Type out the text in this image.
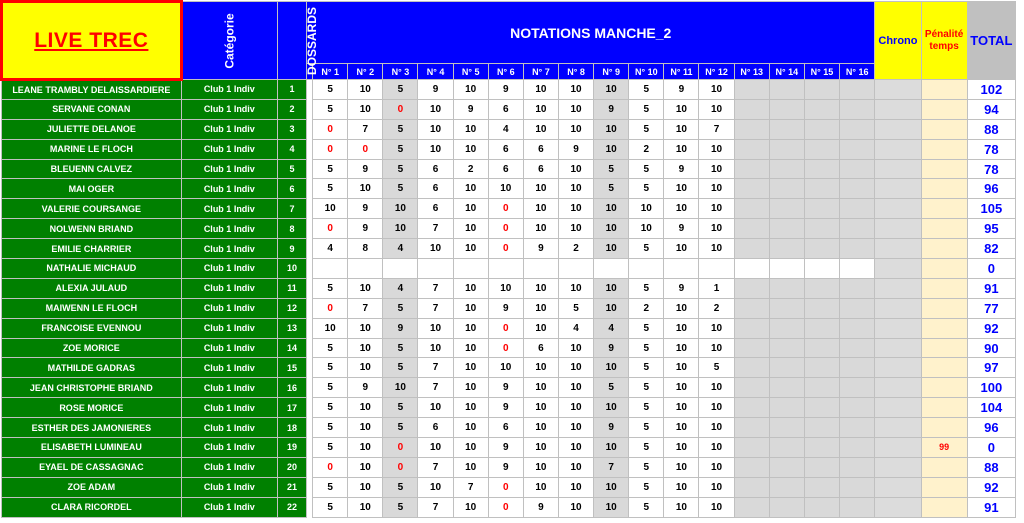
LIVE TREC	Catégorie	DOSSARDS	NOTATIONS MANCHE_2																	Chrono	Pénalité temps	TOTAL
				N° 1	N° 2	N° 3	N° 4	N° 5	N° 6	N° 7	N° 8	N° 9	N° 10	N° 11	N° 12	N° 13	N° 14	N° 15	N° 16			
LEANE TRAMBLY DELAISSARDIERE	Club 1 Indiv	1		5	10	5	9	10	9	10	10	10	5	9	10							102
SERVANE CONAN	Club 1 Indiv	2		5	10	0	10	9	6	10	10	9	5	10	10							94
JULIETTE DELANOE	Club 1 Indiv	3		0	7	5	10	10	4	10	10	10	5	10	7							88
MARINE LE FLOCH	Club 1 Indiv	4		0	0	5	10	10	6	6	9	10	2	10	10							78
BLEUENN CALVEZ	Club 1 Indiv	5		5	9	5	6	2	6	6	10	5	5	9	10							78
MAI OGER	Club 1 Indiv	6		5	10	5	6	10	10	10	10	5	5	10	10							96
VALERIE COURSANGE	Club 1 Indiv	7		10	9	10	6	10	0	10	10	10	10	10	10							105
NOLWENN BRIAND	Club 1 Indiv	8		0	9	10	7	10	0	10	10	10	10	9	10							95
EMILIE CHARRIER	Club 1 Indiv	9		4	8	4	10	10	0	9	2	10	5	10	10							82
NATHALIE MICHAUD	Club 1 Indiv	10																				0
ALEXIA JULAUD	Club 1 Indiv	11		5	10	4	7	10	10	10	10	10	5	9	1							91
MAIWENN LE FLOCH	Club 1 Indiv	12		0	7	5	7	10	9	10	5	10	2	10	2							77
FRANCOISE EVENNOU	Club 1 Indiv	13		10	10	9	10	10	0	10	4	4	5	10	10							92
ZOE MORICE	Club 1 Indiv	14		5	10	5	10	10	0	6	10	9	5	10	10							90
MATHILDE GADRAS	Club 1 Indiv	15		5	10	5	7	10	10	10	10	10	5	10	5							97
JEAN CHRISTOPHE BRIAND	Club 1 Indiv	16		5	9	10	7	10	9	10	10	5	5	10	10							100
ROSE MORICE	Club 1 Indiv	17		5	10	5	10	10	9	10	10	10	5	10	10							104
ESTHER DES JAMONIERES	Club 1 Indiv	18		5	10	5	6	10	6	10	10	9	5	10	10							96
ELISABETH LUMINEAU	Club 1 Indiv	19		5	10	0	10	10	9	10	10	10	5	10	10						99	0
EYAEL DE CASSAGNAC	Club 1 Indiv	20		0	10	0	7	10	9	10	10	7	5	10	10							88
ZOE ADAM	Club 1 Indiv	21		5	10	5	10	7	0	10	10	10	5	10	10							92
CLARA RICORDEL	Club 1 Indiv	22		5	10	5	7	10	0	9	10	10	5	10	10							91
